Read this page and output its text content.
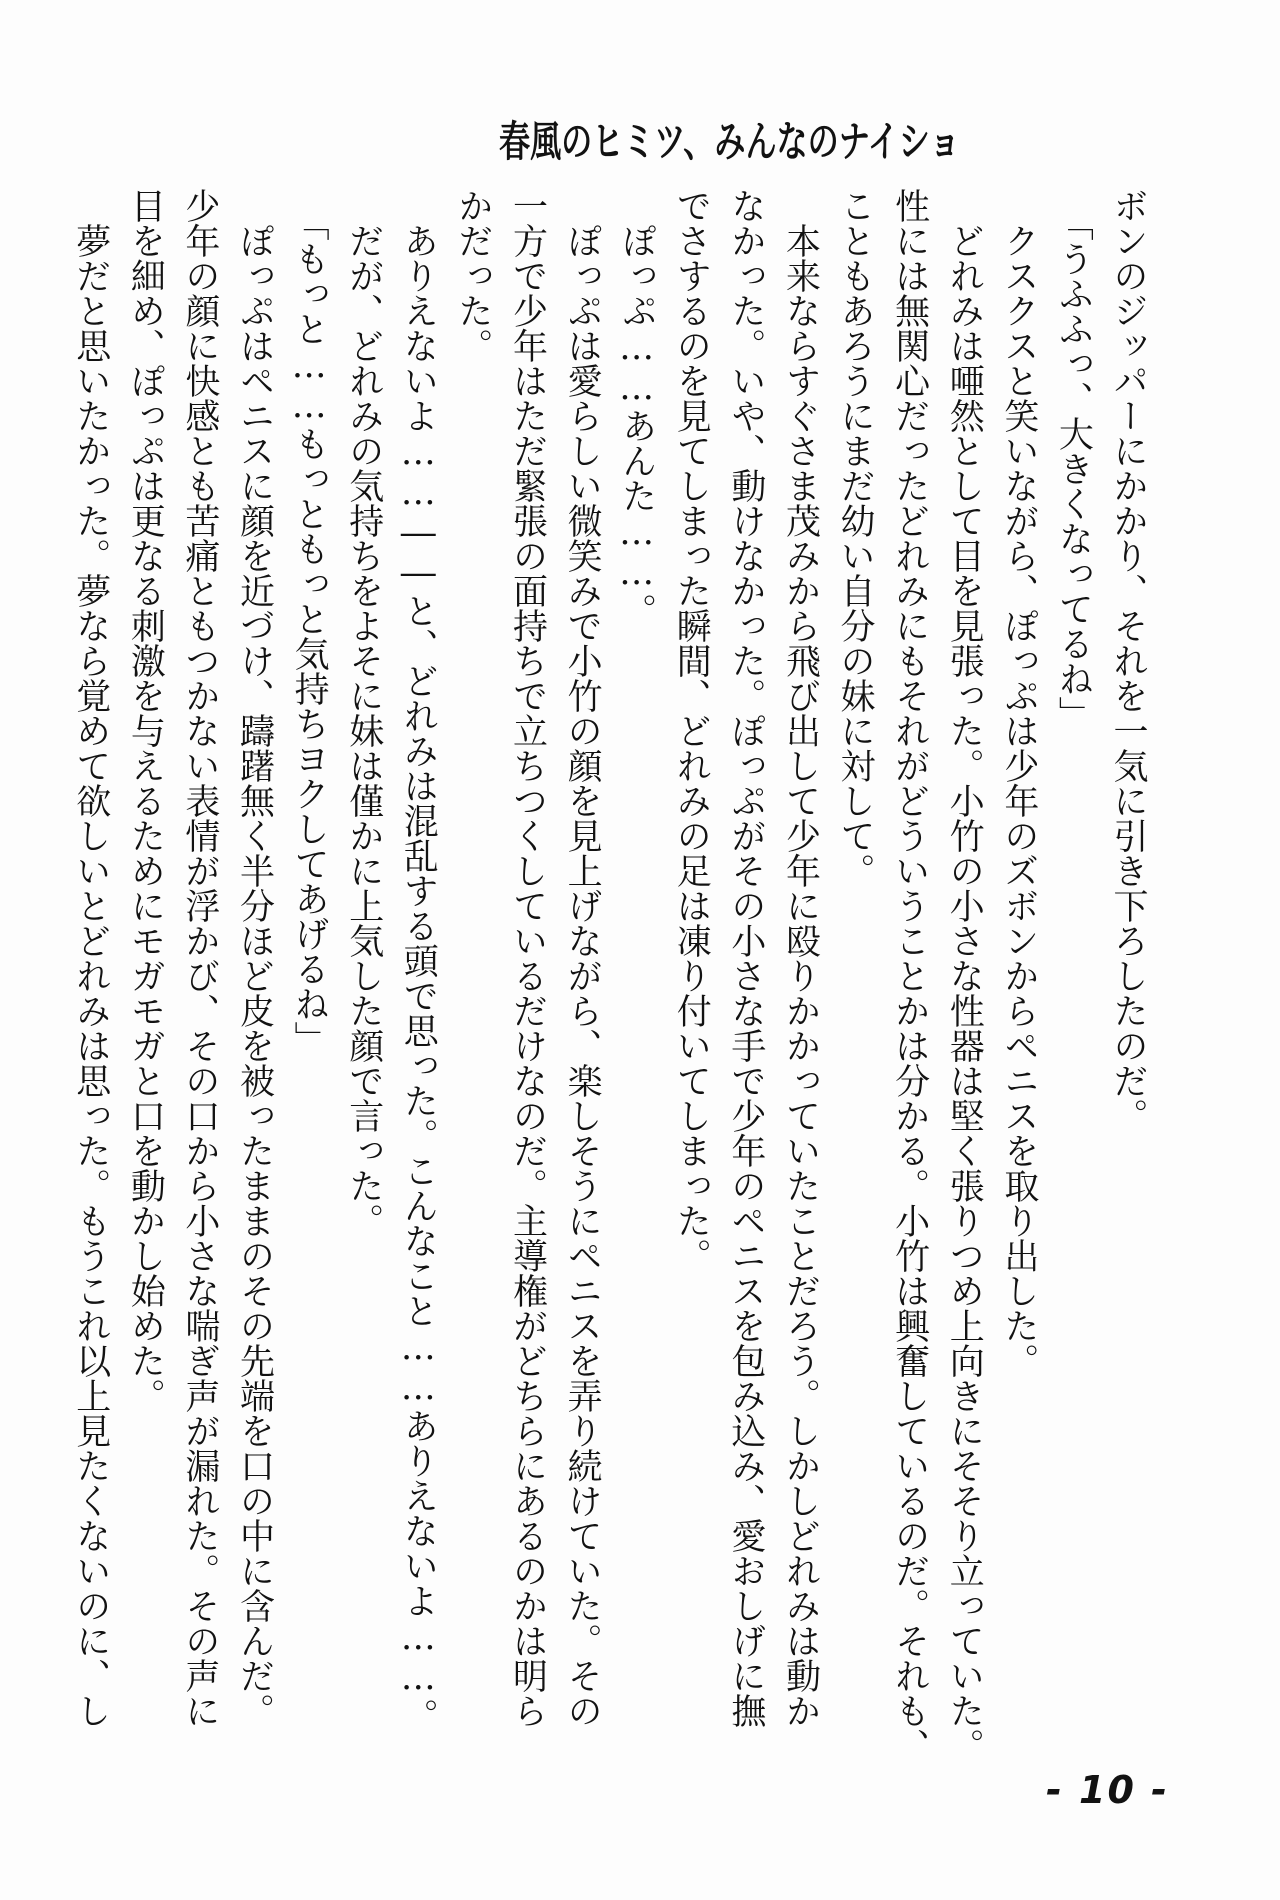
春風のヒミツ、みんなのナイショ

ボンのジッパーにかかり、それを一気に引き下ろしたのだ。

「うふふっ、大きくなってるね」

クスクスと笑いながら、ぽっぷは少年のズボンからペニスを取り出した。

どれみは唖然として目を見張った。小竹の小さな性器は堅く張りつめ上向きにそそり立っていた。

性には無関心だったどれみにもそれがどういうことかは分かる。小竹は興奮しているのだ。それも、

こともあろうにまだ幼い自分の妹に対して。

本来ならすぐさま茂みから飛び出して少年に殴りかかっていたことだろう。しかしどれみは動か

なかった。いや、動けなかった。ぽっぷがその小さな手で少年のペニスを包み込み、愛おしげに撫

でさするのを見てしまった瞬間、どれみの足は凍り付いてしまった。

ぽっぷ……あんた……。

ぽっぷは愛らしい微笑みで小竹の顔を見上げながら、楽しそうにペニスを弄り続けていた。その

一方で少年はただ緊張の面持ちで立ちつくしているだけなのだ。主導権がどちらにあるのかは明ら

かだった。

ありえないよ……――と、どれみは混乱する頭で思った。こんなこと……ありえないよ……。

だが、どれみの気持ちをよそに妹は僅かに上気した顔で言った。

「もっと……もっともっと気持ちヨクしてあげるね」

ぽっぷはペニスに顔を近づけ、躊躇無く半分ほど皮を被ったままのその先端を口の中に含んだ。

少年の顔に快感とも苦痛ともつかない表情が浮かび、その口から小さな喘ぎ声が漏れた。その声に

目を細め、ぽっぷは更なる刺激を与えるためにモガモガと口を動かし始めた。

夢だと思いたかった。夢なら覚めて欲しいとどれみは思った。もうこれ以上見たくないのに、し

- 10 -
